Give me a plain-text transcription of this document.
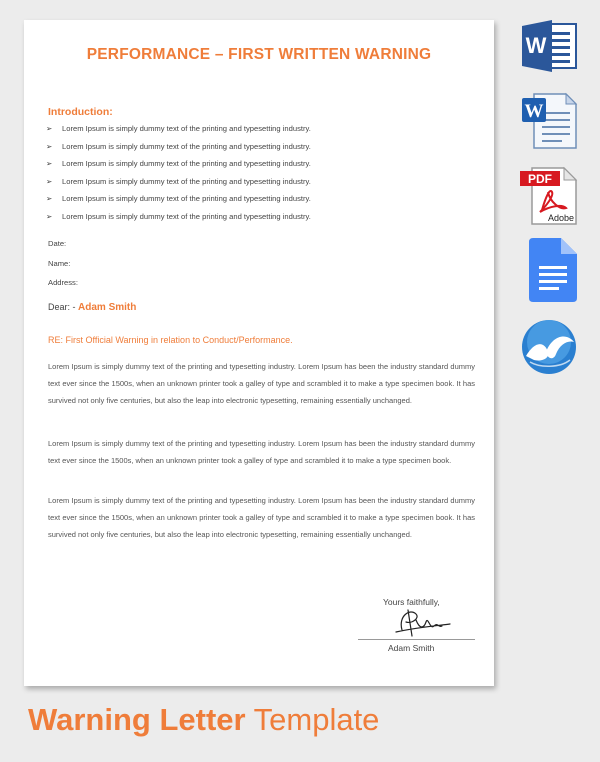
PERFORMANCE – FIRST WRITTEN WARNING
Introduction:
➢ Lorem Ipsum is simply dummy text of the printing and typesetting industry.
➢ Lorem Ipsum is simply dummy text of the printing and typesetting industry.
➢ Lorem Ipsum is simply dummy text of the printing and typesetting industry.
➢ Lorem Ipsum is simply dummy text of the printing and typesetting industry.
➢ Lorem Ipsum is simply dummy text of the printing and typesetting industry.
➢ Lorem Ipsum is simply dummy text of the printing and typesetting industry.
Date:
Name:
Address:
Dear: - Adam Smith
RE: First Official Warning in relation to Conduct/Performance.

Lorem Ipsum is simply dummy text of the printing and typesetting industry. Lorem Ipsum has been the industry standard dummy text ever since the 1500s, when an unknown printer took a galley of type and scrambled it to make a type specimen book. It has survived not only five centuries, but also the leap into electronic typesetting, remaining essentially unchanged.

Lorem Ipsum is simply dummy text of the printing and typesetting industry. Lorem Ipsum has been the industry standard dummy text ever since the 1500s, when an unknown printer took a galley of type and scrambled it to make a type specimen book.

Lorem Ipsum is simply dummy text of the printing and typesetting industry. Lorem Ipsum has been the industry standard dummy text ever since the 1500s, when an unknown printer took a galley of type and scrambled it to make a type specimen book. It has survived not only five centuries, but also the leap into electronic typesetting, remaining essentially unchanged.

Yours faithfully,
Adam Smith
W
W
PDF
Adobe
Warning Letter Template
